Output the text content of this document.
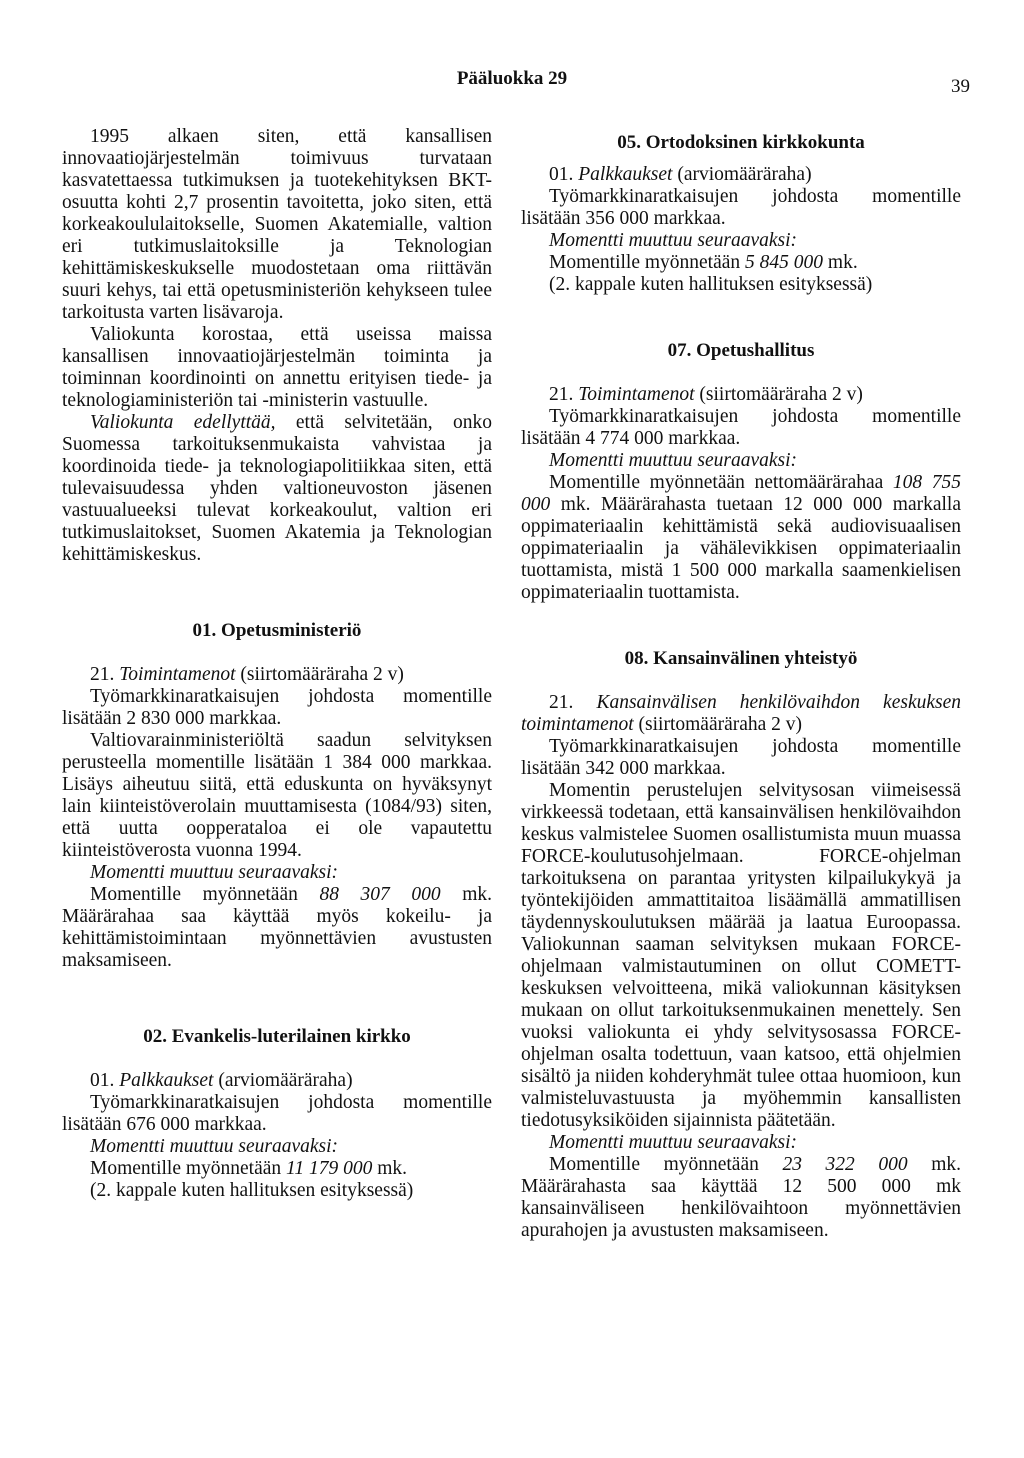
Pääluokka 29	39

1995 alkaen siten, että kansallisen innovaatiojärjestelmän toimivuus turvataan kasvatettaessa tutkimuksen ja tuotekehityksen BKT-osuutta kohti 2,7 prosentin tavoitetta, joko siten, että korkeakoululaitokselle, Suomen Akatemialle, valtion eri tutkimuslaitoksille ja Teknologian kehittämiskeskukselle muodostetaan oma riittävän suuri kehys, tai että opetusministeriön kehykseen tulee tarkoitusta varten lisävaroja.

Valiokunta korostaa, että useissa maissa kansallisen innovaatiojärjestelmän toiminta ja toiminnan koordinointi on annettu erityisen tiede- ja teknologiaministeriön tai -ministerin vastuulle.

Valiokunta edellyttää, että selvitetään, onko Suomessa tarkoituksenmukaista vahvistaa ja koordinoida tiede- ja teknologiapolitiikkaa siten, että tulevaisuudessa yhden valtioneuvoston jäsenen vastuualueeksi tulevat korkeakoulut, valtion eri tutkimuslaitokset, Suomen Akatemia ja Teknologian kehittämiskeskus.

01. Opetusministeriö

21. Toimintamenot (siirtomääräraha 2 v)

Työmarkkinaratkaisujen johdosta momentille lisätään 2 830 000 markkaa.

Valtiovarainministeriöltä saadun selvityksen perusteella momentille lisätään 1 384 000 markkaa. Lisäys aiheutuu siitä, että eduskunta on hyväksynyt lain kiinteistöverolain muuttamisesta (1084/93) siten, että uutta oopperataloa ei ole vapautettu kiinteistöverosta vuonna 1994.

Momentti muuttuu seuraavaksi:

Momentille myönnetään 88 307 000 mk. Määrärahaa saa käyttää myös kokeilu- ja kehittämistoimintaan myönnettävien avustusten maksamiseen.

02. Evankelis-luterilainen kirkko

01. Palkkaukset (arviomääräraha)

Työmarkkinaratkaisujen johdosta momentille lisätään 676 000 markkaa.

Momentti muuttuu seuraavaksi:

Momentille myönnetään 11 179 000 mk.

(2. kappale kuten hallituksen esityksessä)

05. Ortodoksinen kirkkokunta

01. Palkkaukset (arviomääräraha)

Työmarkkinaratkaisujen johdosta momentille lisätään 356 000 markkaa.

Momentti muuttuu seuraavaksi:

Momentille myönnetään 5 845 000 mk.

(2. kappale kuten hallituksen esityksessä)

07. Opetushallitus

21. Toimintamenot (siirtomääräraha 2 v)

Työmarkkinaratkaisujen johdosta momentille lisätään 4 774 000 markkaa.

Momentti muuttuu seuraavaksi:

Momentille myönnetään nettomäärärahaa 108 755 000 mk. Määrärahasta tuetaan 12 000 000 markalla oppimateriaalin kehittämistä sekä audiovisuaalisen oppimateriaalin ja vähälevikkisen oppimateriaalin tuottamista, mistä 1 500 000 markalla saamenkielisen oppimateriaalin tuottamista.

08. Kansainvälinen yhteistyö

21. Kansainvälisen henkilövaihdon keskuksen toimintamenot (siirtomääräraha 2 v)

Työmarkkinaratkaisujen johdosta momentille lisätään 342 000 markkaa.

Momentin perustelujen selvitysosan viimeisessä virkkeessä todetaan, että kansainvälisen henkilövaihdon keskus valmistelee Suomen osallistumista muun muassa FORCE-koulutusohjelmaan. FORCE-ohjelman tarkoituksena on parantaa yritysten kilpailukykyä ja työntekijöiden ammattitaitoa lisäämällä ammatillisen täydennyskoulutuksen määrää ja laatua Euroopassa. Valiokunnan saaman selvityksen mukaan FORCE-ohjelmaan valmistautuminen on ollut COMETT-keskuksen velvoitteena, mikä valiokunnan käsityksen mukaan on ollut tarkoituksenmukainen menettely. Sen vuoksi valiokunta ei yhdy selvitysosassa FORCE-ohjelman osalta todettuun, vaan katsoo, että ohjelmien sisältö ja niiden kohderyhmät tulee ottaa huomioon, kun valmisteluvastuusta ja myöhemmin kansallisten tiedotusyksiköiden sijainnista päätetään.

Momentti muuttuu seuraavaksi:

Momentille myönnetään 23 322 000 mk. Määrärahasta saa käyttää 12 500 000 mk kansainväliseen henkilövaihtoon myönnettävien apurahojen ja avustusten maksamiseen.
